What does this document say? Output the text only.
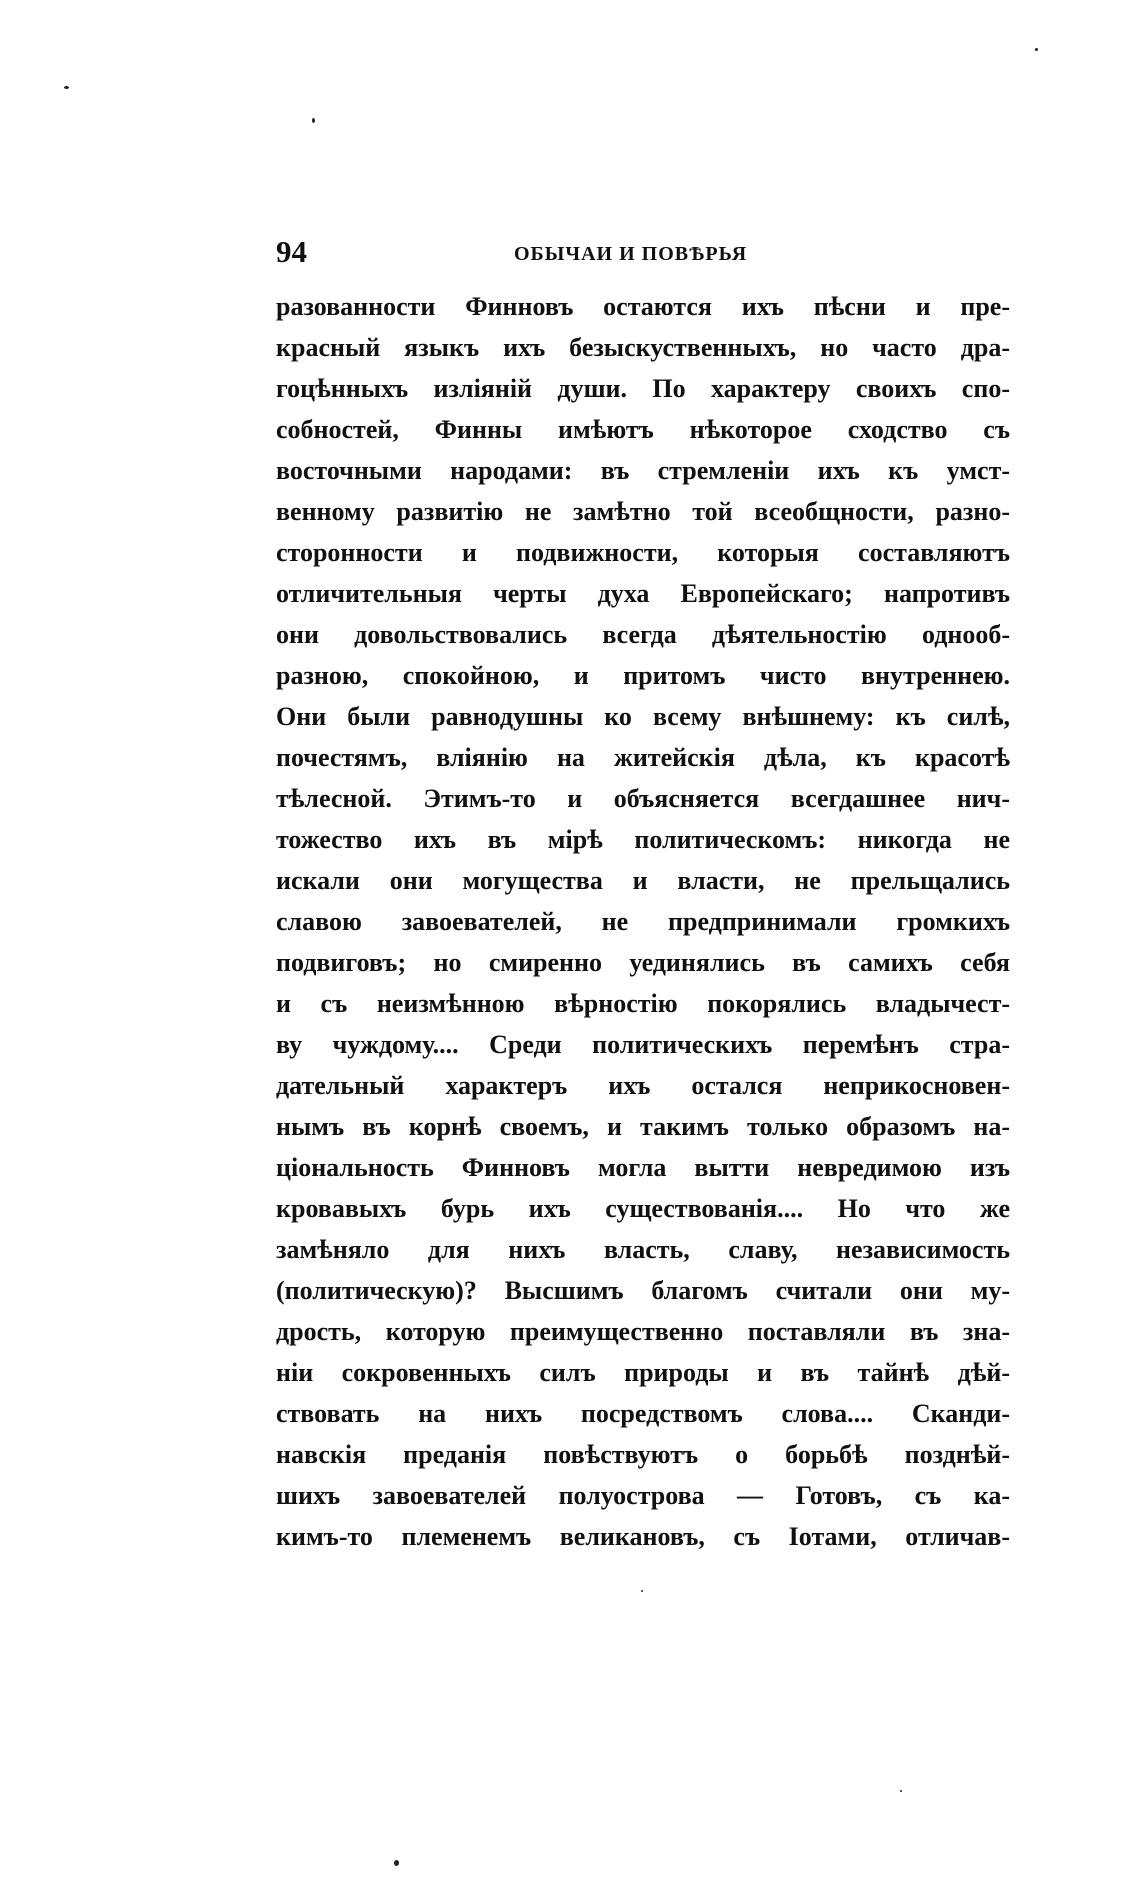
94	ОБЫЧАИ И ПОВѢРЬЯ
разованности Финновъ остаются ихъ пѣсни и пре-
красный языкъ ихъ безыскуственныхъ, но часто дра-
гоцѣнныхъ изліяній души. По характеру своихъ спо-
собностей, Финны имѣютъ нѣкоторое сходство съ
восточными народами: въ стремленіи ихъ къ умст-
венному развитію не замѣтно той всеобщности, разно-
сторонности и подвижности, которыя составляютъ
отличительныя черты духа Европейскаго; напротивъ
они довольствовались всегда дѣятельностію однооб-
разною, спокойною, и притомъ чисто внутреннею.
Они были равнодушны ко всему внѣшнему: къ силѣ,
почестямъ, вліянію на житейскія дѣла, къ красотѣ
тѣлесной. Этимъ-то и объясняется всегдашнее нич-
тожество ихъ въ мірѣ политическомъ: никогда не
искали они могущества и власти, не прельщались
славою завоевателей, не предпринимали громкихъ
подвиговъ; но смиренно уединялись въ самихъ себя
и съ неизмѣнною вѣрностію покорялись владычест-
ву чуждому.... Среди политическихъ перемѣнъ стра-
дательный характеръ ихъ остался неприкосновен-
нымъ въ корнѣ своемъ, и такимъ только образомъ на-
ціональность Финновъ могла вытти невредимою изъ
кровавыхъ бурь ихъ существованія.... Но что же
замѣняло для нихъ власть, славу, независимость
(политическую)? Высшимъ благомъ считали они му-
дрость, которую преимущественно поставляли въ зна-
ніи сокровенныхъ силъ природы и въ тайнѣ дѣй-
ствовать на нихъ посредствомъ слова.... Сканди-
навскія преданія повѣствуютъ о борьбѣ позднѣй-
шихъ завоевателей полуострова — Готовъ, съ ка-
кимъ-то племенемъ великановъ, съ Іотами, отличав-
